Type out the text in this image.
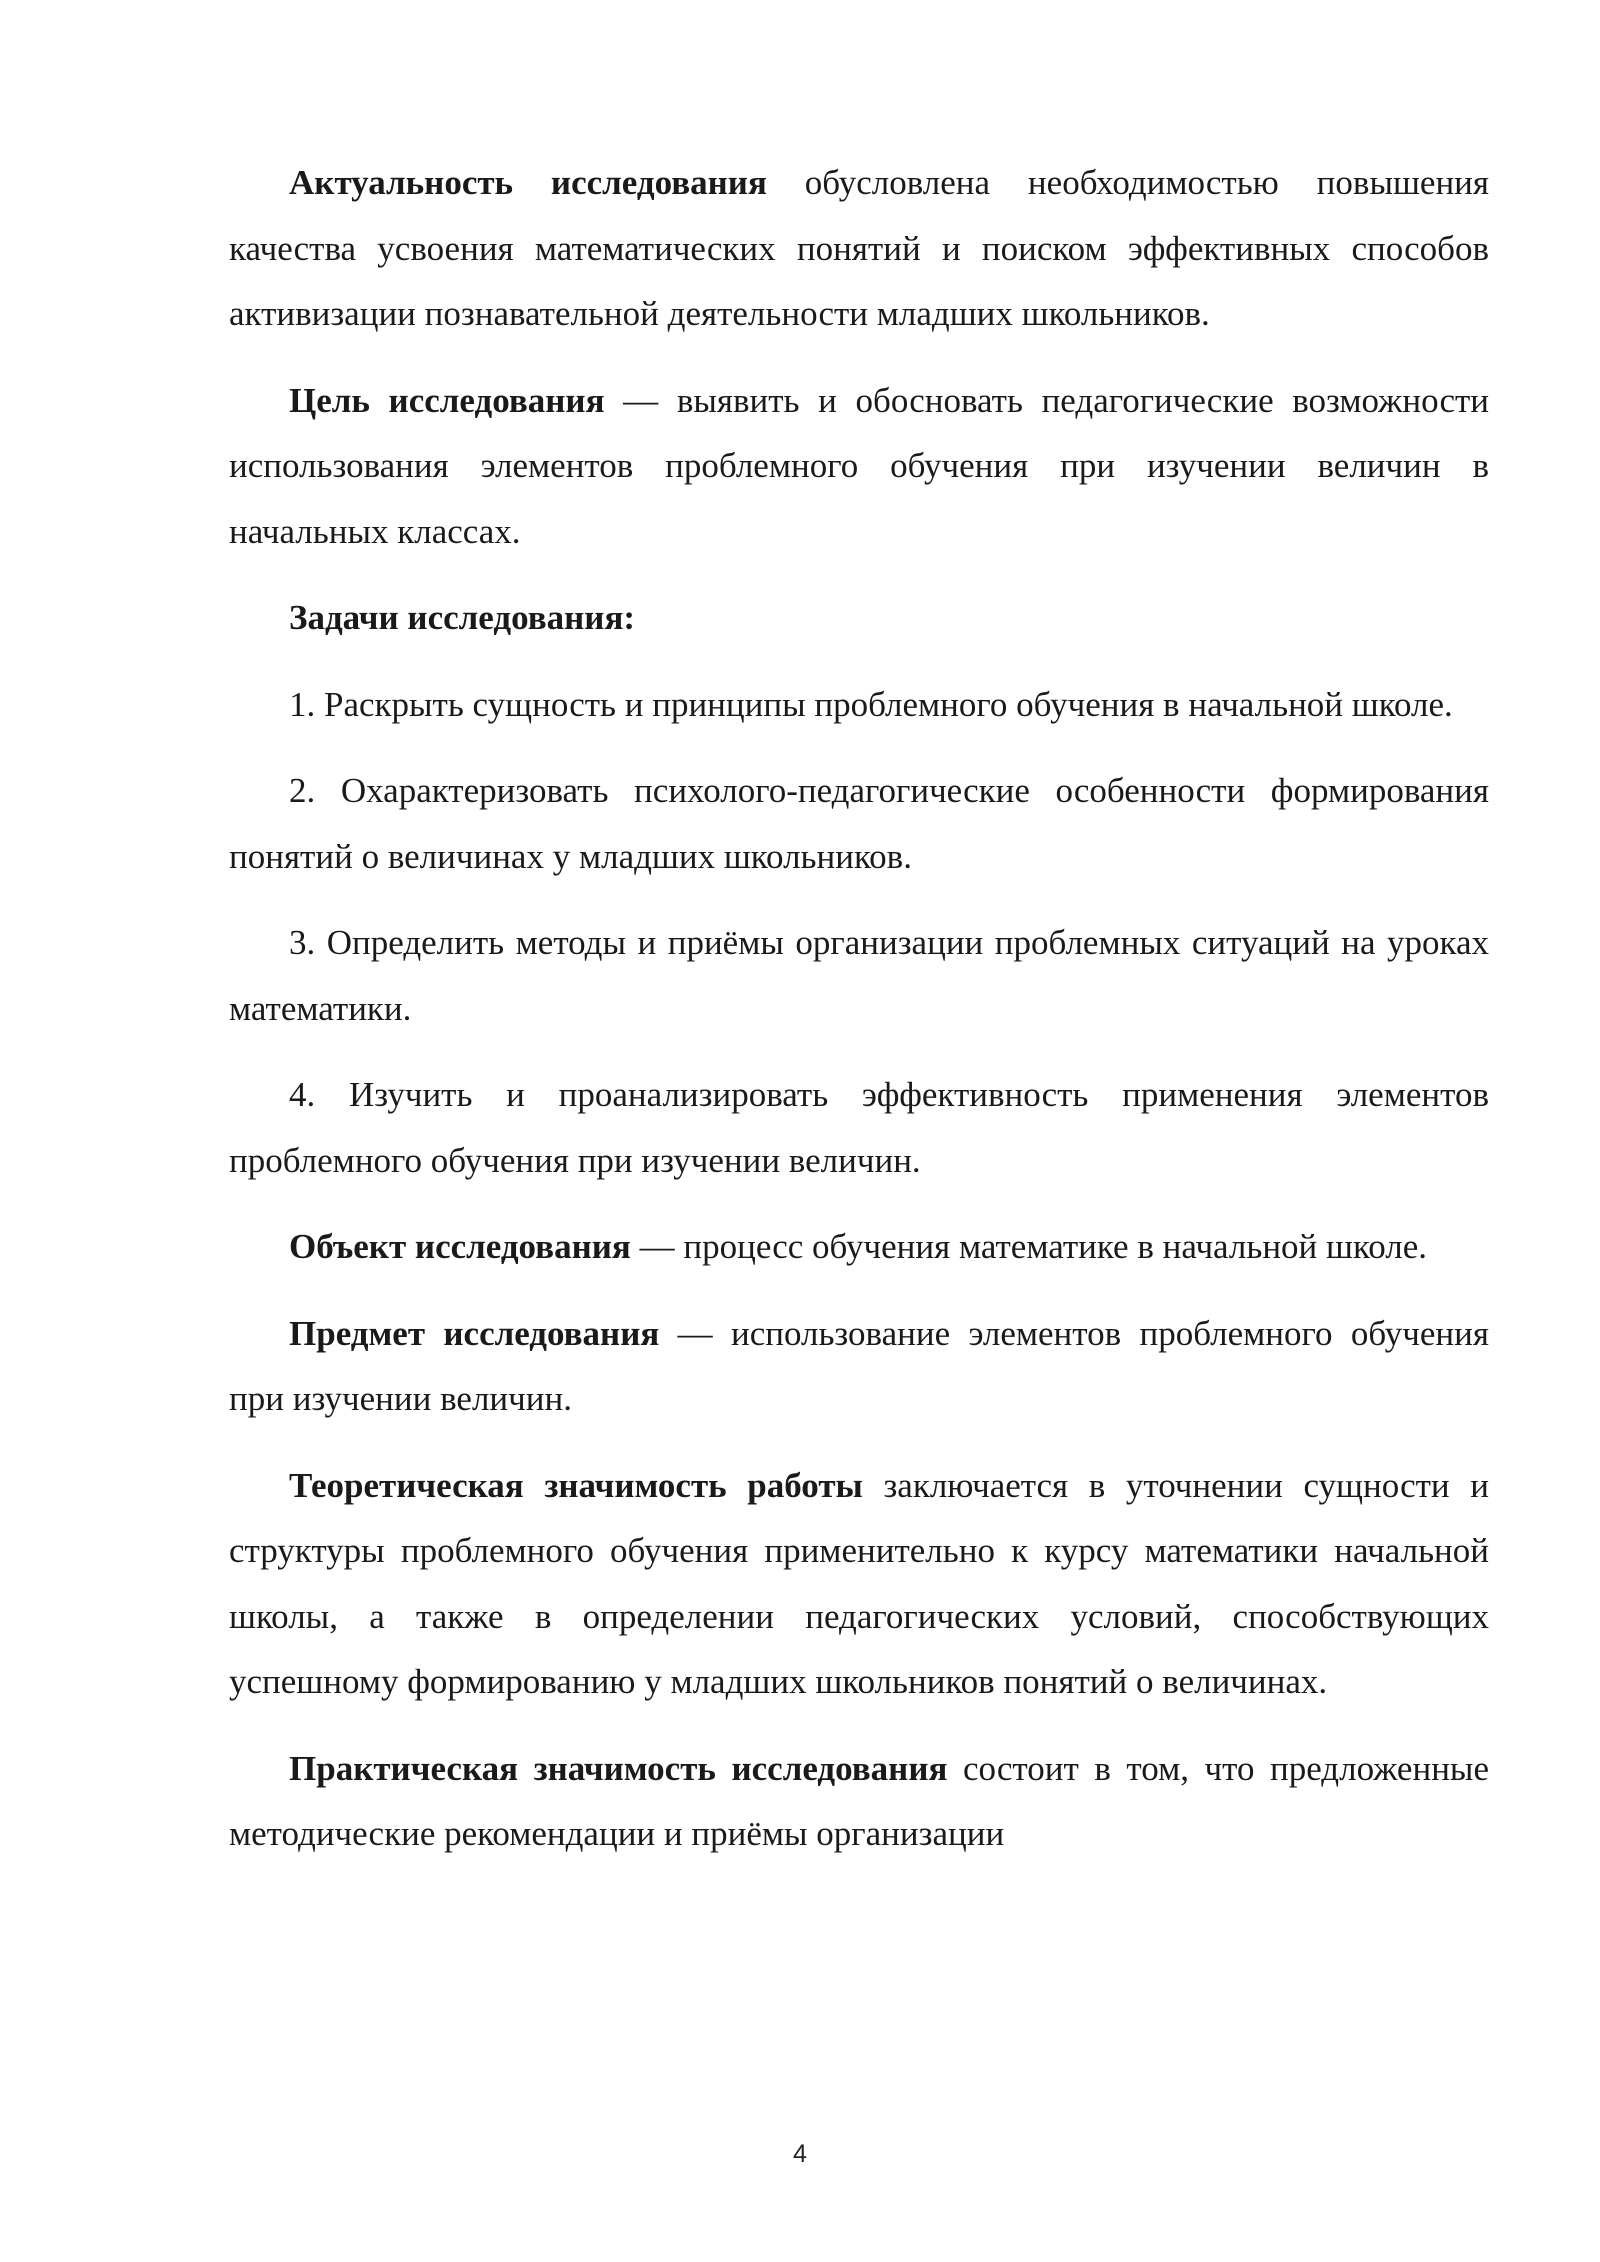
Актуальность исследования обусловлена необходимостью повышения качества усвоения математических понятий и поиском эффективных способов активизации познавательной деятельности младших школьников.

Цель исследования — выявить и обосновать педагогические возможности использования элементов проблемного обучения при изучении величин в начальных классах.

Задачи исследования:

1. Раскрыть сущность и принципы проблемного обучения в начальной школе.

2. Охарактеризовать психолого-педагогические особенности формирования понятий о величинах у младших школьников.

3. Определить методы и приёмы организации проблемных ситуаций на уроках математики.

4. Изучить и проанализировать эффективность применения элементов проблемного обучения при изучении величин.

Объект исследования — процесс обучения математике в начальной школе.

Предмет исследования — использование элементов проблемного обучения при изучении величин.

Теоретическая значимость работы заключается в уточнении сущности и структуры проблемного обучения применительно к курсу математики начальной школы, а также в определении педагогических условий, способствующих успешному формированию у младших школьников понятий о величинах.

Практическая значимость исследования состоит в том, что предложенные методические рекомендации и приёмы организации

4
